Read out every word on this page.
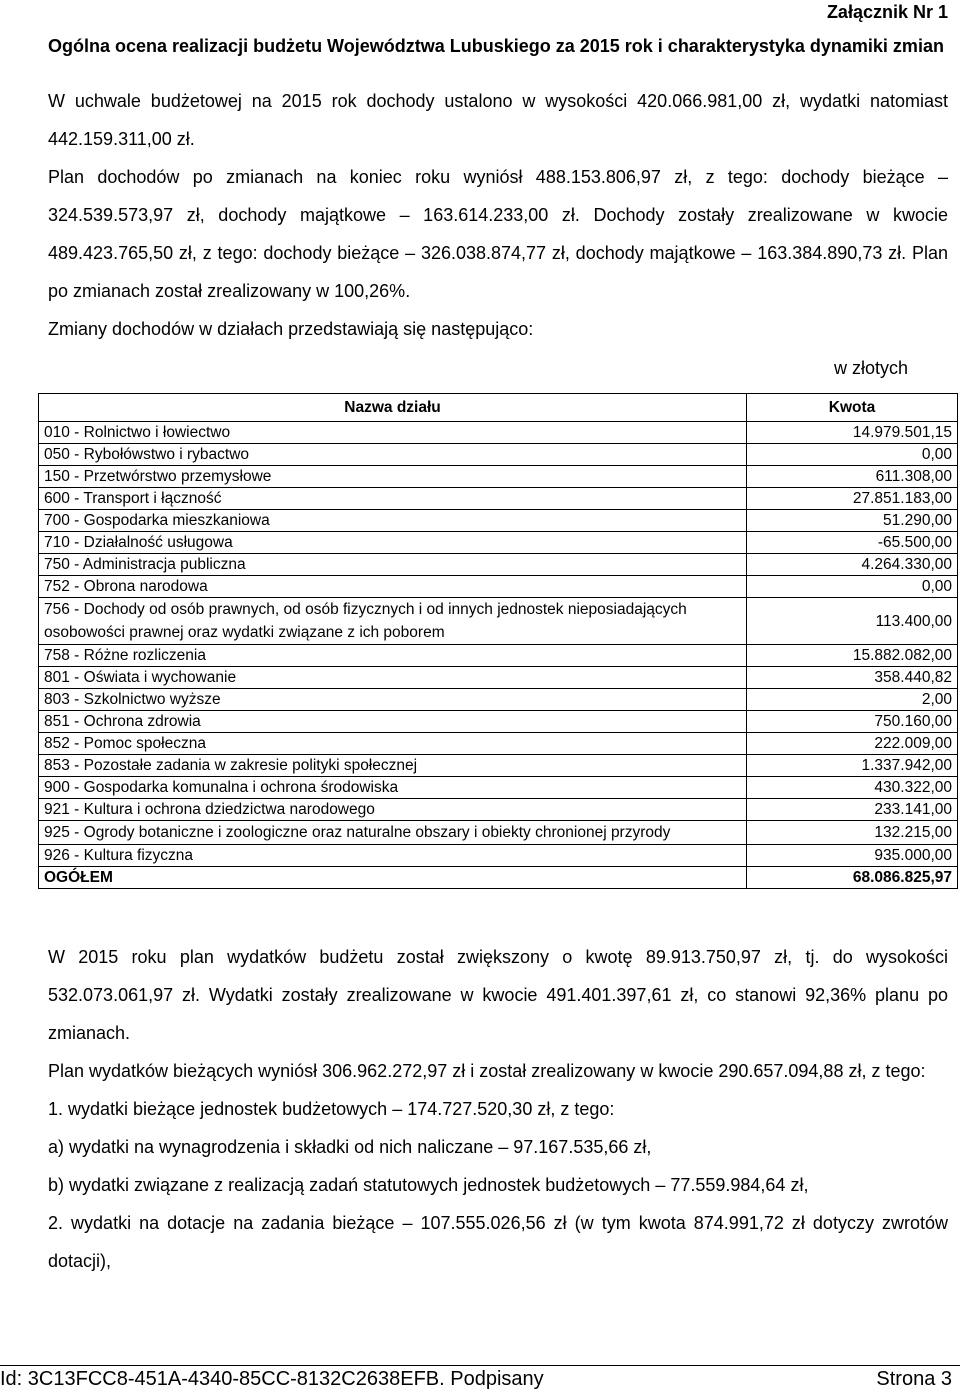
Załącznik Nr 1
Ogólna ocena realizacji budżetu Województwa Lubuskiego za 2015 rok i charakterystyka dynamiki zmian

W uchwale budżetowej na 2015 rok dochody ustalono w wysokości 420.066.981,00 zł, wydatki natomiast 442.159.311,00 zł.

Plan dochodów po zmianach na koniec roku wyniósł 488.153.806,97 zł, z tego: dochody bieżące – 324.539.573,97 zł, dochody majątkowe – 163.614.233,00 zł. Dochody zostały zrealizowane w kwocie 489.423.765,50 zł, z tego: dochody bieżące – 326.038.874,77 zł, dochody majątkowe – 163.384.890,73 zł. Plan po zmianach został zrealizowany w 100,26%.

Zmiany dochodów w działach przedstawiają się następująco:

w złotych
Nazwa działu	Kwota
010 - Rolnictwo i łowiectwo	14.979.501,15
050 - Rybołówstwo i rybactwo	0,00
150 - Przetwórstwo przemysłowe	611.308,00
600 - Transport i łączność	27.851.183,00
700 - Gospodarka mieszkaniowa	51.290,00
710 - Działalność usługowa	-65.500,00
750 - Administracja publiczna	4.264.330,00
752 - Obrona narodowa	0,00
756 - Dochody od osób prawnych, od osób fizycznych i od innych jednostek nieposiadających osobowości prawnej oraz wydatki związane z ich poborem	113.400,00
758 - Różne rozliczenia	15.882.082,00
801 - Oświata i wychowanie	358.440,82
803 - Szkolnictwo wyższe	2,00
851 - Ochrona zdrowia	750.160,00
852 - Pomoc społeczna	222.009,00
853 - Pozostałe zadania w zakresie polityki społecznej	1.337.942,00
900 - Gospodarka komunalna i ochrona środowiska	430.322,00
921 - Kultura i ochrona dziedzictwa narodowego	233.141,00
925 - Ogrody botaniczne i zoologiczne oraz naturalne obszary i obiekty chronionej przyrody	132.215,00
926 - Kultura fizyczna	935.000,00
OGÓŁEM	68.086.825,97

W 2015 roku plan wydatków budżetu został zwiększony o kwotę 89.913.750,97 zł, tj. do wysokości 532.073.061,97 zł. Wydatki zostały zrealizowane w kwocie 491.401.397,61 zł, co stanowi 92,36% planu po zmianach.

Plan wydatków bieżących wyniósł 306.962.272,97 zł i został zrealizowany w kwocie 290.657.094,88 zł, z tego:

1. wydatki bieżące jednostek budżetowych – 174.727.520,30 zł, z tego:

a) wydatki na wynagrodzenia i składki od nich naliczane – 97.167.535,66 zł,

b) wydatki związane z realizacją zadań statutowych jednostek budżetowych – 77.559.984,64 zł,

2. wydatki na dotacje na zadania bieżące – 107.555.026,56 zł (w tym kwota 874.991,72 zł dotyczy zwrotów dotacji),

Id: 3C13FCC8-451A-4340-85CC-8132C2638EFB. Podpisany	Strona 3
